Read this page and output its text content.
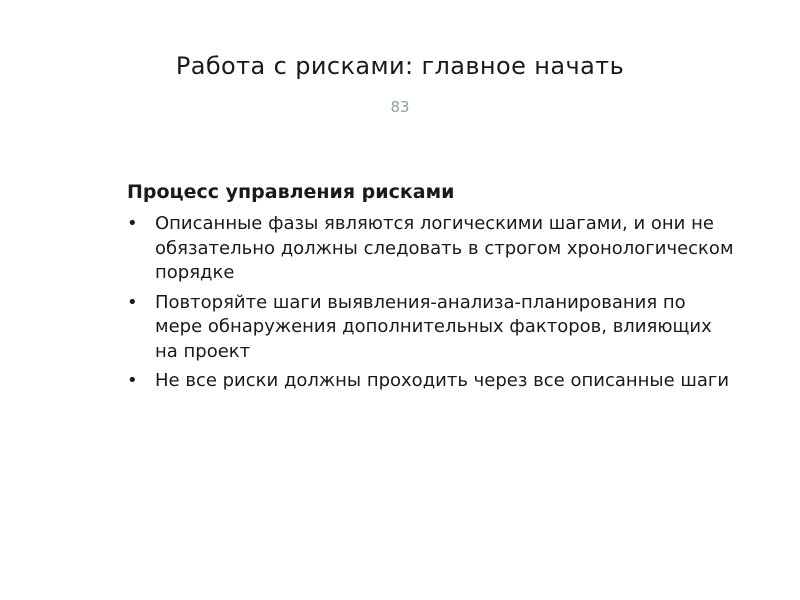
Работа с рисками: главное начать
83
Процесс управления рисками
• Описанные фазы являются логическими шагами, и они не обязательно должны следовать в строгом хронологическом порядке
• Повторяйте шаги выявления-анализа-планирования по мере обнаружения дополнительных факторов, влияющих на проект
• Не все риски должны проходить через все описанные шаги
